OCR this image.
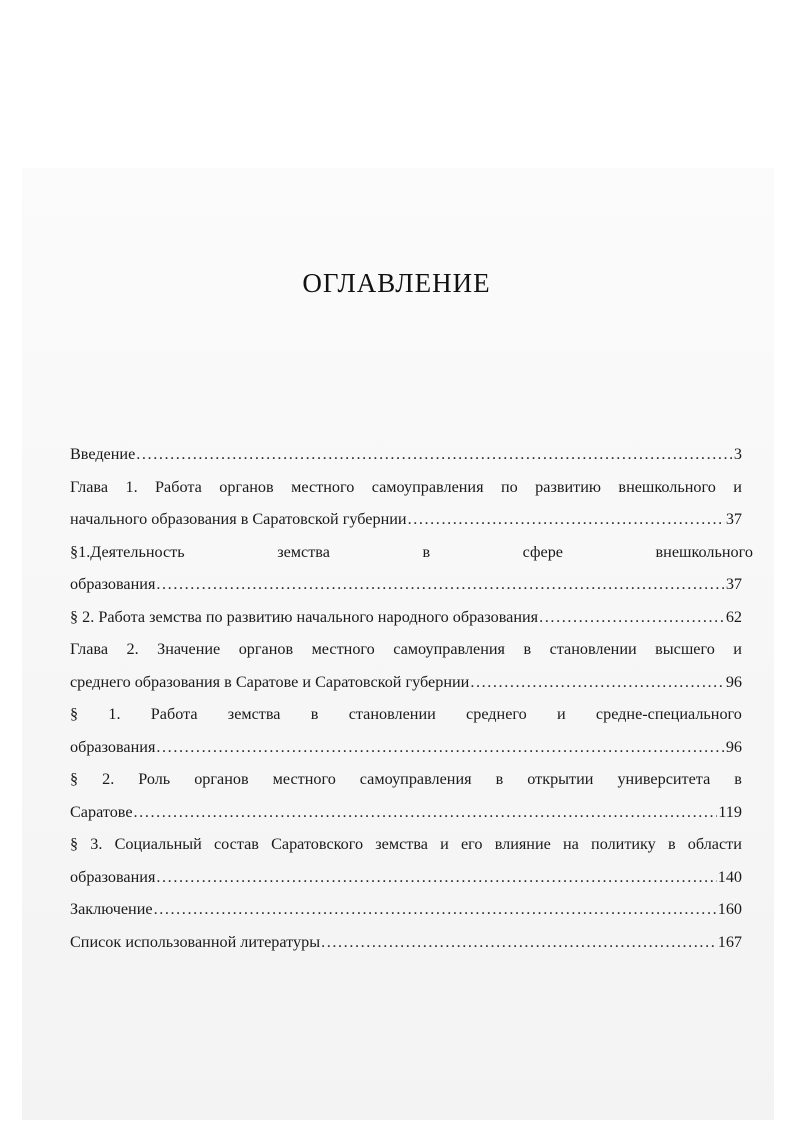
ОГЛАВЛЕНИЕ
Введение .....	3
Глава 1. Работа органов местного самоуправления по развитию внешкольного и
начального образования в Саратовской губернии .....	37
§1.Деятельность	земства	в	сфере	внешкольного
образования .....	37
§ 2. Работа земства по развитию начального народного образования .....	62
Глава 2. Значение органов местного самоуправления в становлении высшего и
среднего образования в Саратове и Саратовской губернии .....	96
§ 1. Работа земства в становлении среднего и средне-специального
образования .....	96
§ 2. Роль органов местного самоуправления в открытии университета в
Саратове .....	119
§ 3. Социальный состав Саратовского земства и его влияние на политику в области
образования .....	140
Заключение .....	160
Список использованной литературы .....	167
